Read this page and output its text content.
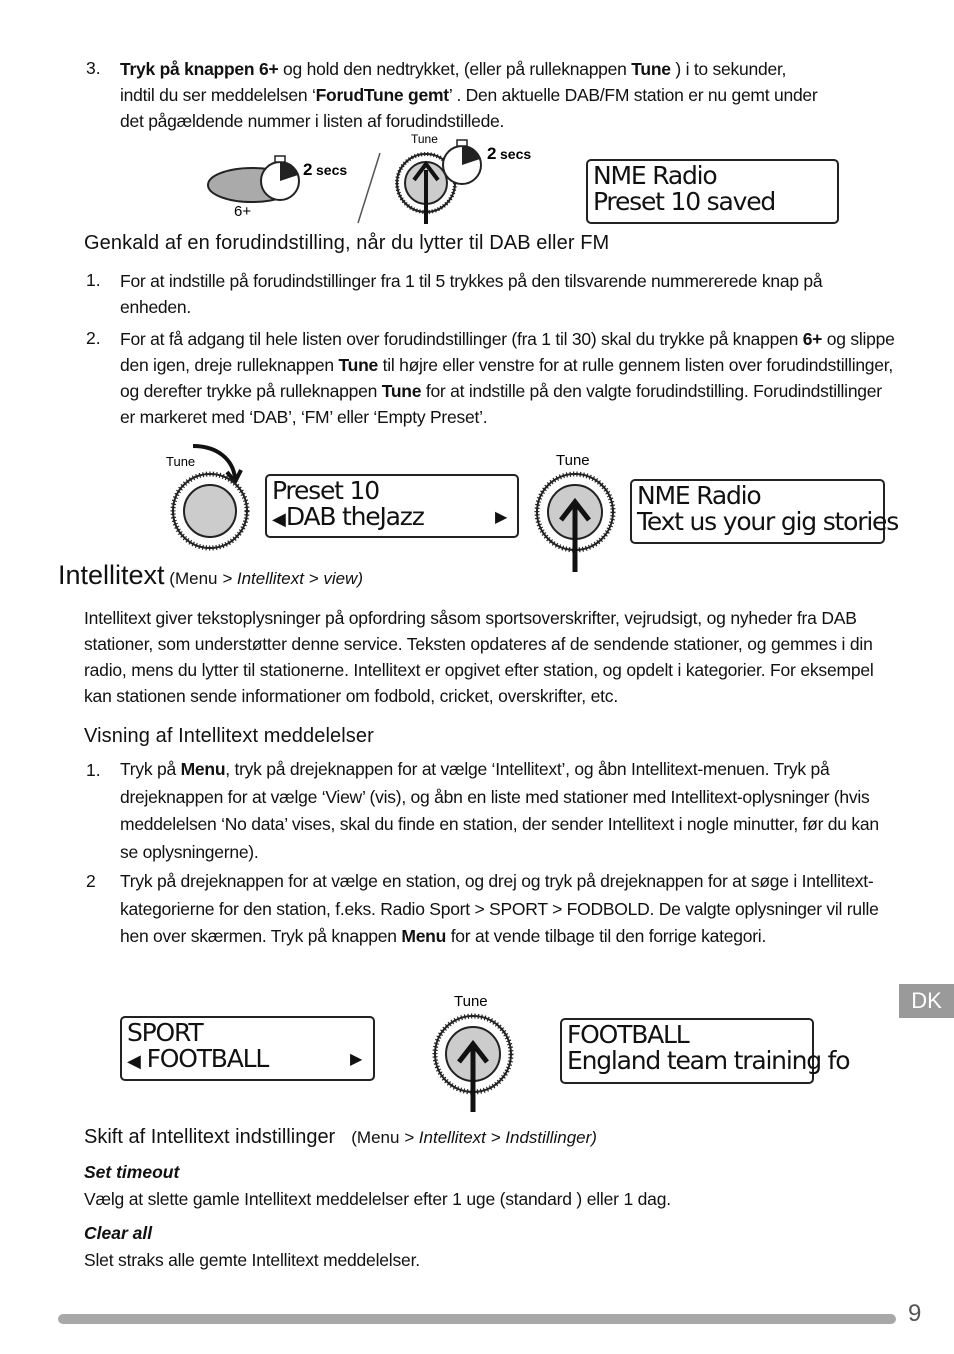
3. Tryk på knappen 6+ og hold den nedtrykket, (eller på rulleknappen Tune ) i to sekunder,
indtil du ser meddelelsen ‘ForudTune gemt’ . Den aktuelle DAB/FM station er nu gemt under
det pågældende nummer i listen af forudindstillede.
2 secs
6+
Tune
2 secs
NME Radio
Preset 10 saved
Genkald af en forudindstilling, når du lytter til DAB eller FM
1. For at indstille på forudindstillinger fra 1 til 5 trykkes på den tilsvarende nummererede knap på enheden.
2. For at få adgang til hele listen over forudindstillinger (fra 1 til 30) skal du trykke på knappen 6+ og slippe den igen, dreje rulleknappen Tune til højre eller venstre for at rulle gennem listen over forudindstillinger, og derefter trykke på rulleknappen Tune for at indstille på den valgte forudindstilling. Forudindstillinger er markeret med ‘DAB’, ‘FM’ eller ‘Empty Preset’.
Tune
Preset 10
◀DAB theJazz	▶
Tune
NME Radio
Text us your gig stories
Intellitext (Menu > Intellitext > view)
Intellitext giver tekstoplysninger på opfordring såsom sportsoverskrifter, vejrudsigt, og nyheder fra DAB stationer, som understøtter denne service. Teksten opdateres af de sendende stationer, og gemmes i din radio, mens du lytter til stationerne. Intellitext er opgivet efter station, og opdelt i kategorier. For eksempel kan stationen sende informationer om fodbold, cricket, overskrifter, etc.
Visning af Intellitext meddelelser
1. Tryk på Menu, tryk på drejeknappen for at vælge ‘Intellitext’, og åbn Intellitext-menuen. Tryk på drejeknappen for at vælge ‘View’ (vis), og åbn en liste med stationer med Intellitext-oplysninger (hvis meddelelsen ‘No data’ vises, skal du finde en station, der sender Intellitext i nogle minutter, før du kan se oplysningerne).
2 Tryk på drejeknappen for at vælge en station, og drej og tryk på drejeknappen for at søge i Intellitext-kategorierne for den station, f.eks. Radio Sport > SPORT > FODBOLD. De valgte oplysninger vil rulle hen over skærmen. Tryk på knappen Menu for at vende tilbage til den forrige kategori.
SPORT
◀ FOOTBALL	▶
Tune
FOOTBALL
England team training fo
Skift af Intellitext indstillinger (Menu > Intellitext > Indstillinger)
Set timeout
Vælg at slette gamle Intellitext meddelelser efter 1 uge (standard ) eller 1 dag.
Clear all
Slet straks alle gemte Intellitext meddelelser.
DK
9
